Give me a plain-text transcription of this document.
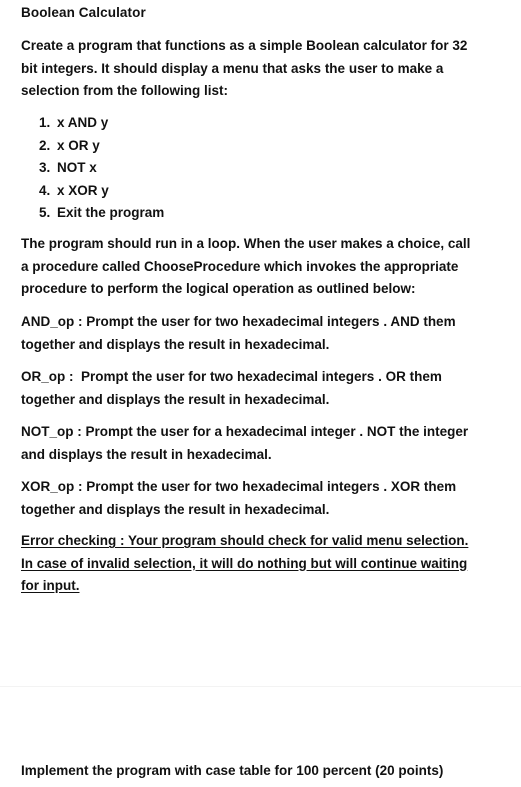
Boolean Calculator
Create a program that functions as a simple Boolean calculator for 32
bit integers. It should display a menu that asks the user to make a
selection from the following list:
1. x AND y
2. x OR y
3. NOT x
4. x XOR y
5. Exit the program
The program should run in a loop. When the user makes a choice, call
a procedure called ChooseProcedure which invokes the appropriate
procedure to perform the logical operation as outlined below:
AND_op : Prompt the user for two hexadecimal integers . AND them
together and displays the result in hexadecimal.
OR_op :  Prompt the user for two hexadecimal integers . OR them
together and displays the result in hexadecimal.
NOT_op : Prompt the user for a hexadecimal integer . NOT the integer
and displays the result in hexadecimal.
XOR_op : Prompt the user for two hexadecimal integers . XOR them
together and displays the result in hexadecimal.
Error checking : Your program should check for valid menu selection.
In case of invalid selection, it will do nothing but will continue waiting
for input.
Implement the program with case table for 100 percent (20 points)
